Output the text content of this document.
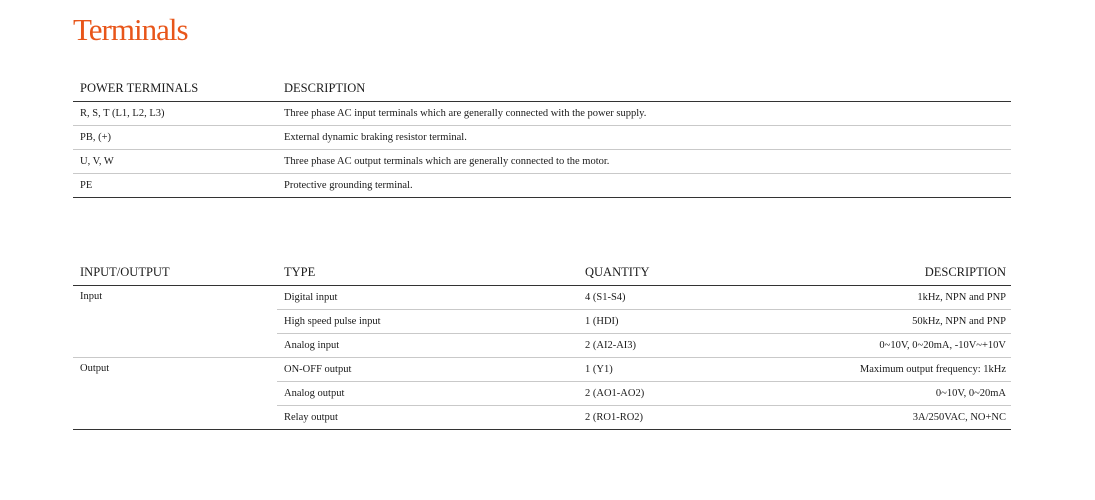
Terminals
POWER TERMINALS	DESCRIPTION
R, S, T (L1, L2, L3)	Three phase AC input terminals which are generally connected with the power supply.
PB, (+)	External dynamic braking resistor terminal.
U, V, W	Three phase AC output terminals which are generally connected to the motor.
PE	Protective grounding terminal.
INPUT/OUTPUT	TYPE	QUANTITY	DESCRIPTION
Input	Digital input	4 (S1-S4)	1kHz, NPN and PNP
	High speed pulse input	1 (HDI)	50kHz, NPN and PNP
	Analog input	2 (AI2-AI3)	0~10V, 0~20mA, -10V~+10V
Output	ON-OFF output	1 (Y1)	Maximum output frequency: 1kHz
	Analog output	2 (AO1-AO2)	0~10V, 0~20mA
	Relay output	2 (RO1-RO2)	3A/250VAC, NO+NC
